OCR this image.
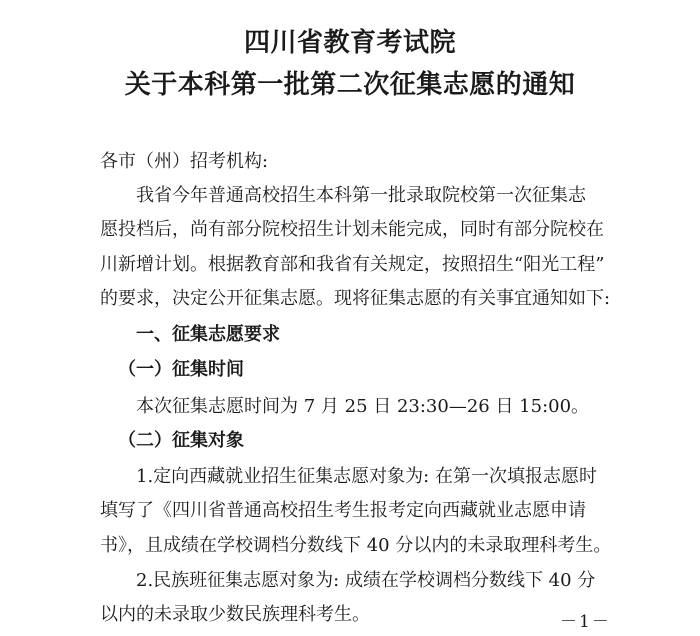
四川省教育考试院
关于本科第一批第二次征集志愿的通知
各市（州）招考机构:
我省今年普通高校招生本科第一批录取院校第一次征集志
愿投档后，尚有部分院校招生计划未能完成，同时有部分院校在
川新增计划。根据教育部和我省有关规定，按照招生“阳光工程”
的要求，决定公开征集志愿。现将征集志愿的有关事宜通知如下:
一、征集志愿要求
（一）征集时间
本次征集志愿时间为 7 月 25 日 23:30—26 日 15:00。
（二）征集对象
1.定向西藏就业招生征集志愿对象为: 在第一次填报志愿时
填写了《四川省普通高校招生考生报考定向西藏就业志愿申请
书》，且成绩在学校调档分数线下 40 分以内的未录取理科考生。
2.民族班征集志愿对象为: 成绩在学校调档分数线下 40 分
以内的未录取少数民族理科考生。	－1－
